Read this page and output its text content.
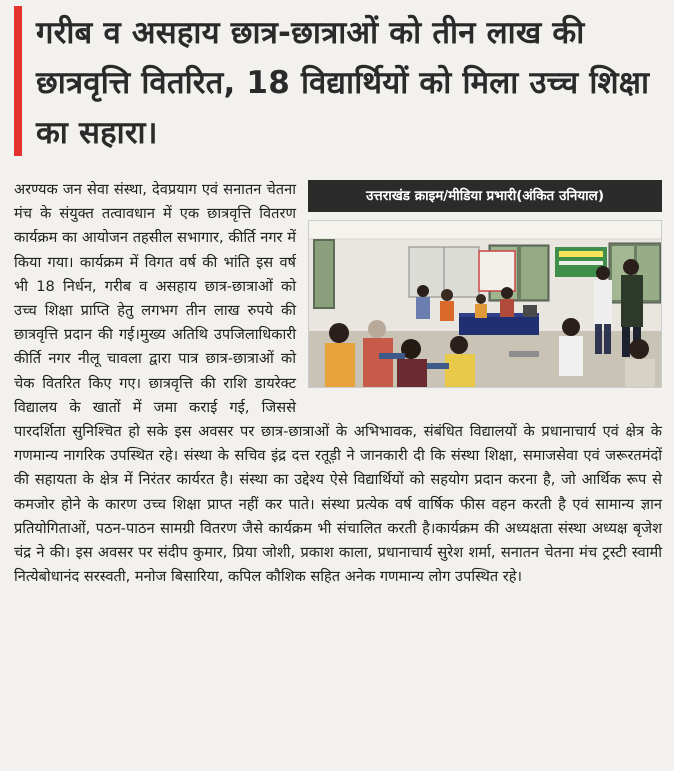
गरीब व असहाय छात्र-छात्राओं को तीन लाख की छात्रवृत्ति वितरित, 18 विद्यार्थियों को मिला उच्च शिक्षा का सहारा।
उत्तराखंड क्राइम/मीडिया प्रभारी(अंकित उनियाल)

अरण्यक जन सेवा संस्था, देवप्रयाग एवं सनातन चेतना मंच के संयुक्त तत्वावधान में एक छात्रवृत्ति वितरण कार्यक्रम का आयोजन तहसील सभागार, कीर्ति नगर में किया गया। कार्यक्रम में विगत वर्ष की भांति इस वर्ष भी 18 निर्धन, गरीब व असहाय छात्र-छात्राओं को उच्च शिक्षा प्राप्ति हेतु लगभग तीन लाख रुपये की छात्रवृत्ति प्रदान की गई।मुख्य अतिथि उपजिलाधिकारी कीर्ति नगर नीलू चावला द्वारा पात्र छात्र-छात्राओं को चेक वितरित किए गए। छात्रवृत्ति की राशि डायरेक्ट विद्यालय के खातों में जमा कराई गई, जिससे पारदर्शिता सुनिश्चित हो सके इस अवसर पर छात्र-छात्राओं के अभिभावक, संबंधित विद्यालयों के प्रधानाचार्य एवं क्षेत्र के गणमान्य नागरिक उपस्थित रहे। संस्था के सचिव इंद्र दत्त रतूड़ी ने जानकारी दी कि संस्था शिक्षा, समाजसेवा एवं जरूरतमंदों की सहायता के क्षेत्र में निरंतर कार्यरत है। संस्था का उद्देश्य ऐसे विद्यार्थियों को सहयोग प्रदान करना है, जो आर्थिक रूप से कमजोर होने के कारण उच्च शिक्षा प्राप्त नहीं कर पाते। संस्था प्रत्येक वर्ष वार्षिक फीस वहन करती है एवं सामान्य ज्ञान प्रतियोगिताओं, पठन-पाठन सामग्री वितरण जैसे कार्यक्रम भी संचालित करती है।कार्यक्रम की अध्यक्षता संस्था अध्यक्ष बृजेश चंद्र ने की। इस अवसर पर संदीप कुमार, प्रिया जोशी, प्रकाश काला, प्रधानाचार्य सुरेश शर्मा, सनातन चेतना मंच ट्रस्टी स्वामी नित्येबोधानंद सरस्वती, मनोज बिसारिया, कपिल कौशिक सहित अनेक गणमान्य लोग उपस्थित रहे।
